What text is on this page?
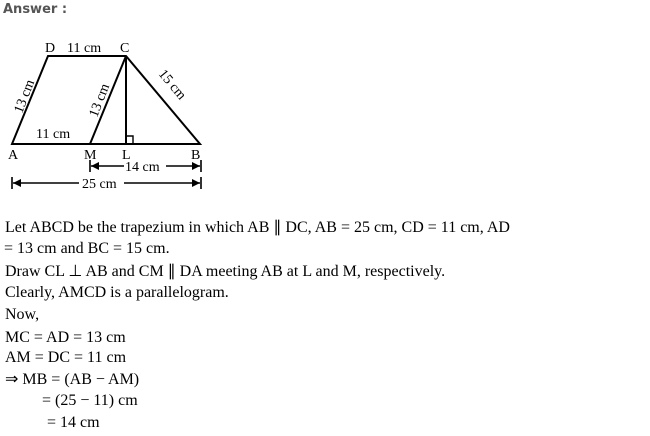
Answer :
D	C
A	M L	B
11 cm
13 cm	13 cm	15 cm
11 cm
14 cm
25 cm
Let ABCD be the trapezium in which AB ∥ DC, AB = 25 cm, CD = 11 cm, AD
= 13 cm and BC = 15 cm.
Draw CL ⊥ AB and CM ∥ DA meeting AB at L and M, respectively.
Clearly, AMCD is a parallelogram.
Now,
MC = AD = 13 cm
AM = DC = 11 cm
⇒ MB = (AB − AM)
= (25 − 11) cm
= 14 cm
